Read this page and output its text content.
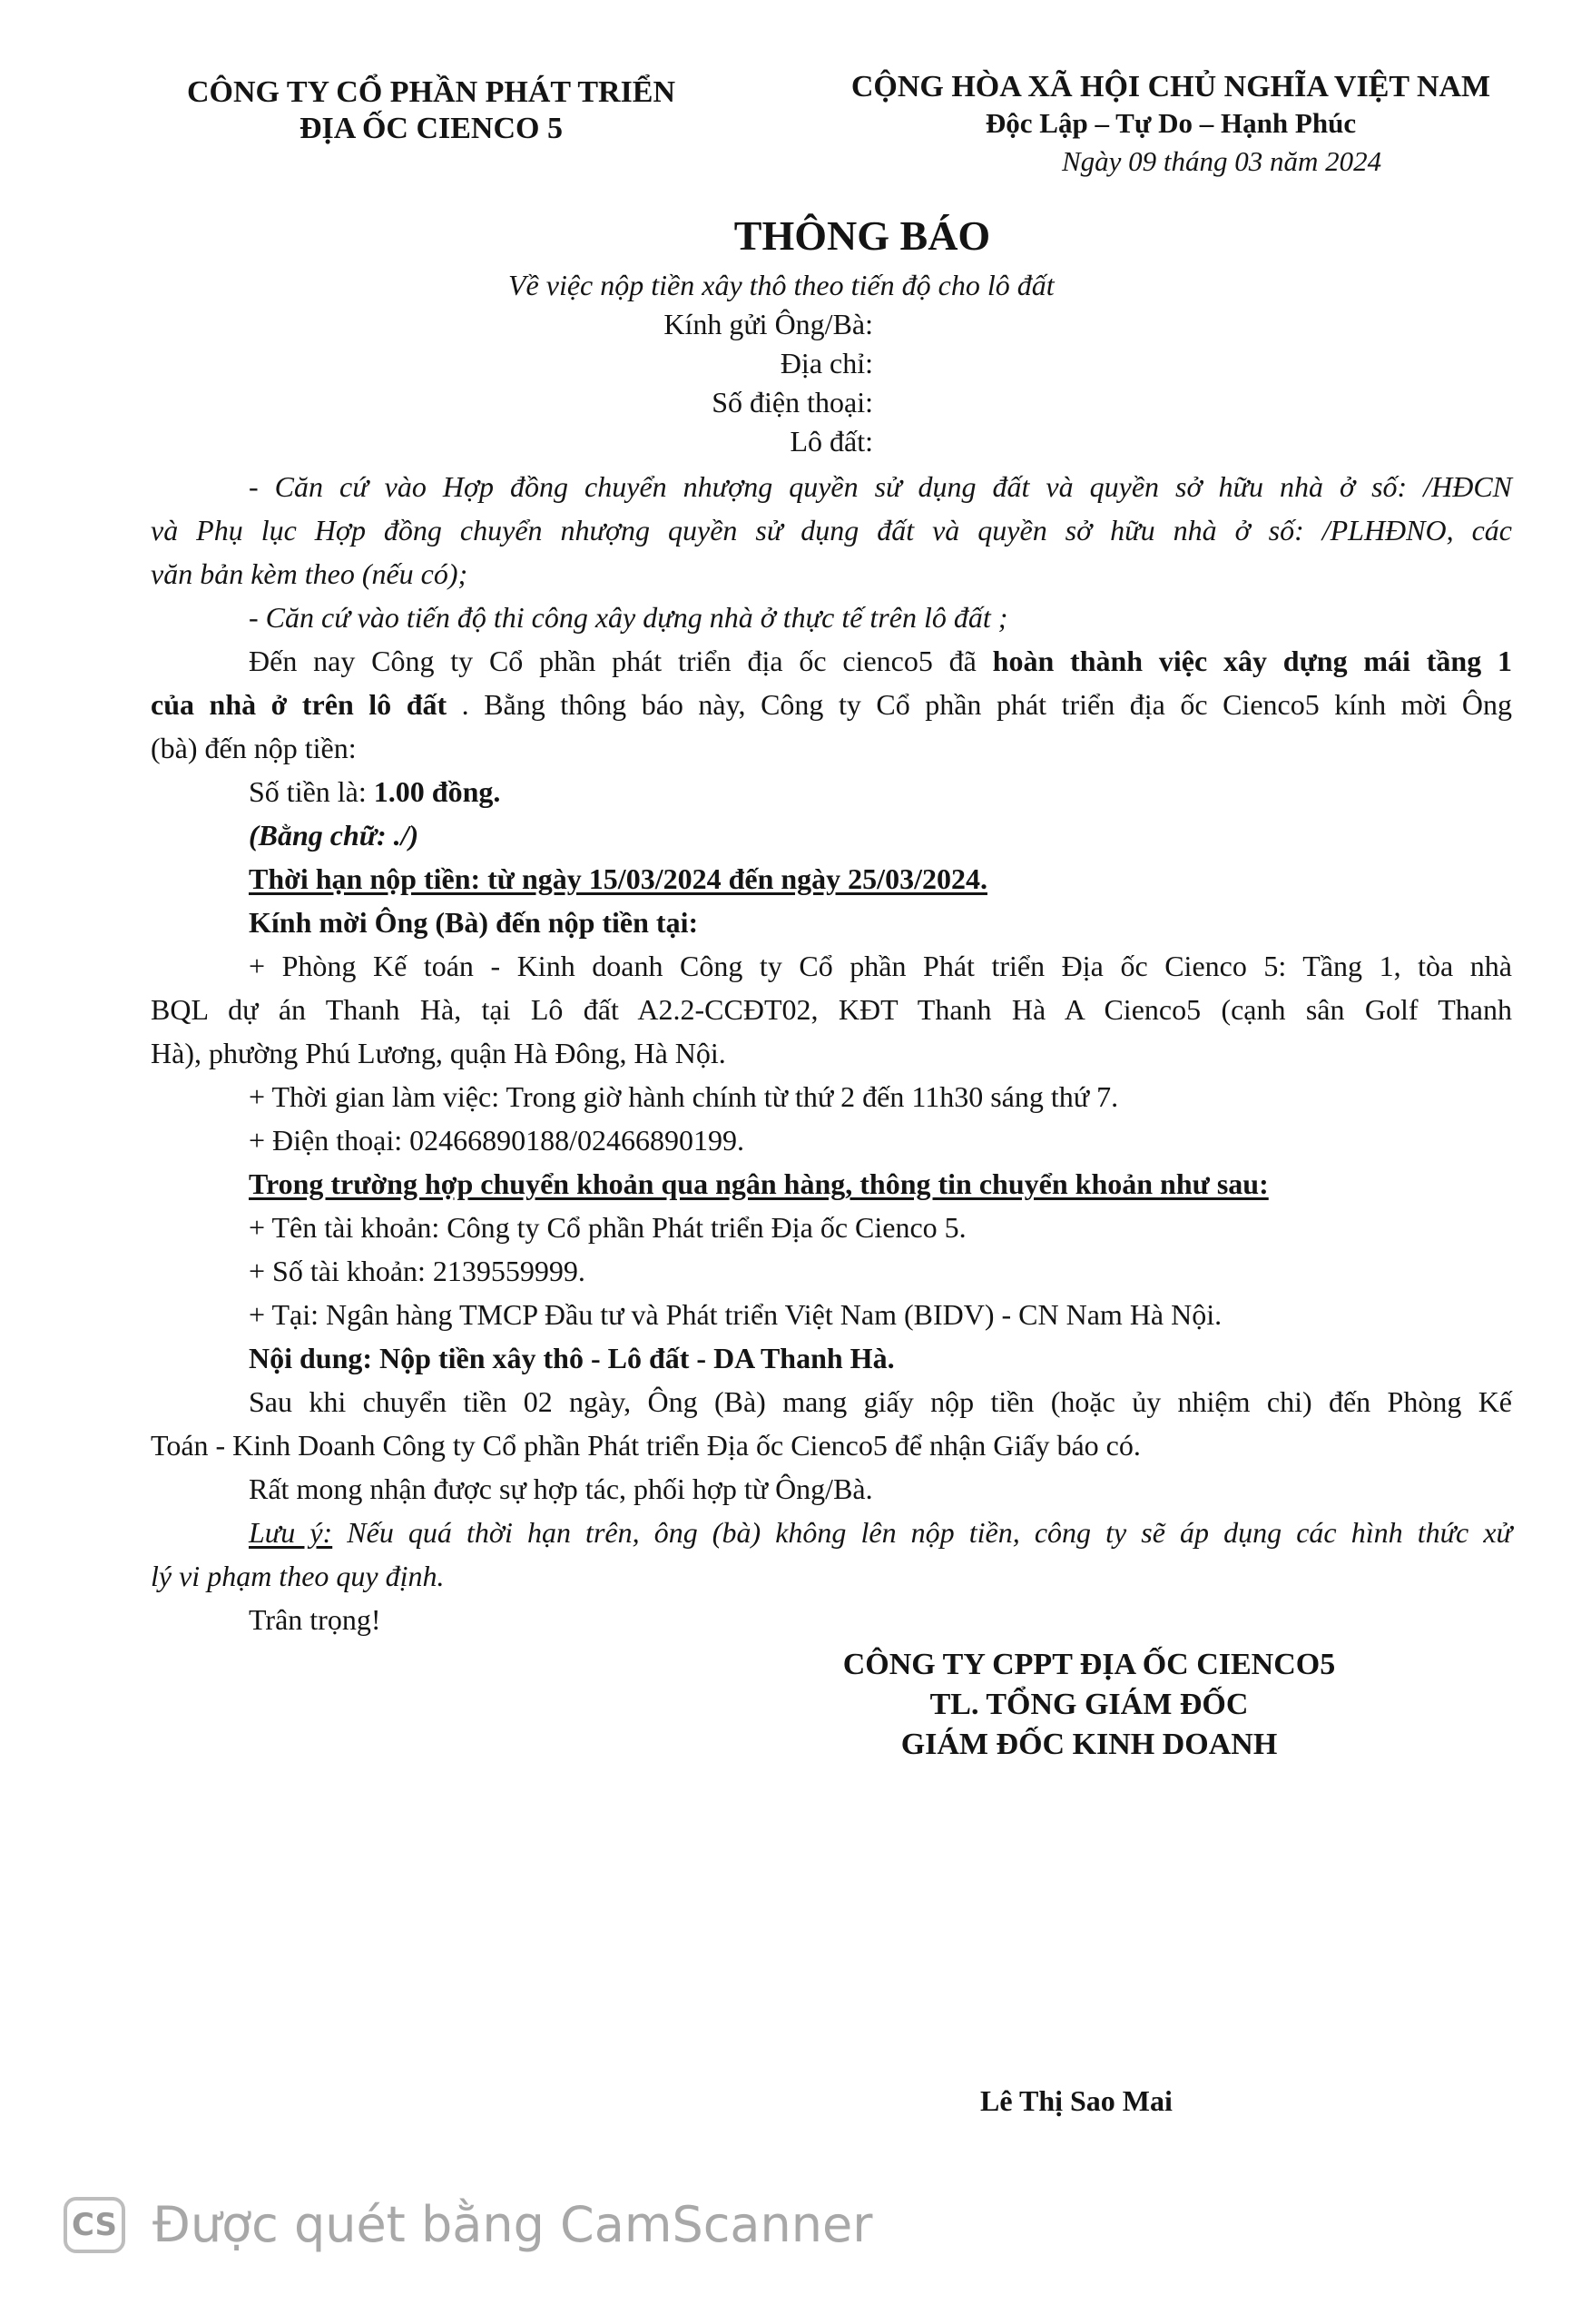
CÔNG TY CỔ PHẦN PHÁT TRIỂN
ĐỊA ỐC CIENCO 5
CỘNG HÒA XÃ HỘI CHỦ NGHĨA VIỆT NAM
Độc Lập – Tự Do – Hạnh Phúc
Ngày 09 tháng 03 năm 2024
THÔNG BÁO
Về việc nộp tiền xây thô theo tiến độ cho lô đất
Kính gửi Ông/Bà:
Địa chỉ:
Số điện thoại:
Lô đất:

- Căn cứ vào Hợp đồng chuyển nhượng quyền sử dụng đất và quyền sở hữu nhà ở số: /HĐCN

và Phụ lục Hợp đồng chuyển nhượng quyền sử dụng đất và quyền sở hữu nhà ở số: /PLHĐNO, các

văn bản kèm theo (nếu có);

- Căn cứ vào tiến độ thi công xây dựng nhà ở thực tế trên lô đất ;

Đến nay Công ty Cổ phần phát triển địa ốc cienco5 đã hoàn thành việc xây dựng mái tầng 1

của nhà ở trên lô đất . Bằng thông báo này, Công ty Cổ phần phát triển địa ốc Cienco5 kính mời Ông

(bà) đến nộp tiền:

Số tiền là: 1.00 đồng.

(Bằng chữ: ./)

Thời hạn nộp tiền: từ ngày 15/03/2024 đến ngày 25/03/2024.

Kính mời Ông (Bà) đến nộp tiền tại:

+ Phòng Kế toán - Kinh doanh Công ty Cổ phần Phát triển Địa ốc Cienco 5: Tầng 1, tòa nhà

BQL dự án Thanh Hà, tại Lô đất A2.2-CCĐT02, KĐT Thanh Hà A Cienco5 (cạnh sân Golf Thanh

Hà), phường Phú Lương, quận Hà Đông, Hà Nội.

+ Thời gian làm việc: Trong giờ hành chính từ thứ 2 đến 11h30 sáng thứ 7.

+ Điện thoại: 02466890188/02466890199.

Trong trường hợp chuyển khoản qua ngân hàng, thông tin chuyển khoản như sau:

+ Tên tài khoản: Công ty Cổ phần Phát triển Địa ốc Cienco 5.

+ Số tài khoản: 2139559999.

+ Tại: Ngân hàng TMCP Đầu tư và Phát triển Việt Nam (BIDV) - CN Nam Hà Nội.

Nội dung: Nộp tiền xây thô - Lô đất - DA Thanh Hà.

Sau khi chuyển tiền 02 ngày, Ông (Bà) mang giấy nộp tiền (hoặc ủy nhiệm chi) đến Phòng Kế

Toán - Kinh Doanh Công ty Cổ phần Phát triển Địa ốc Cienco5 để nhận Giấy báo có.

Rất mong nhận được sự hợp tác, phối hợp từ Ông/Bà.

Lưu ý: Nếu quá thời hạn trên, ông (bà) không lên nộp tiền, công ty sẽ áp dụng các hình thức xử

lý vi phạm theo quy định.

Trân trọng!

CÔNG TY CPPT ĐỊA ỐC CIENCO5
TL. TỔNG GIÁM ĐỐC
GIÁM ĐỐC KINH DOANH
Lê Thị Sao Mai
CS Được quét bằng CamScanner
